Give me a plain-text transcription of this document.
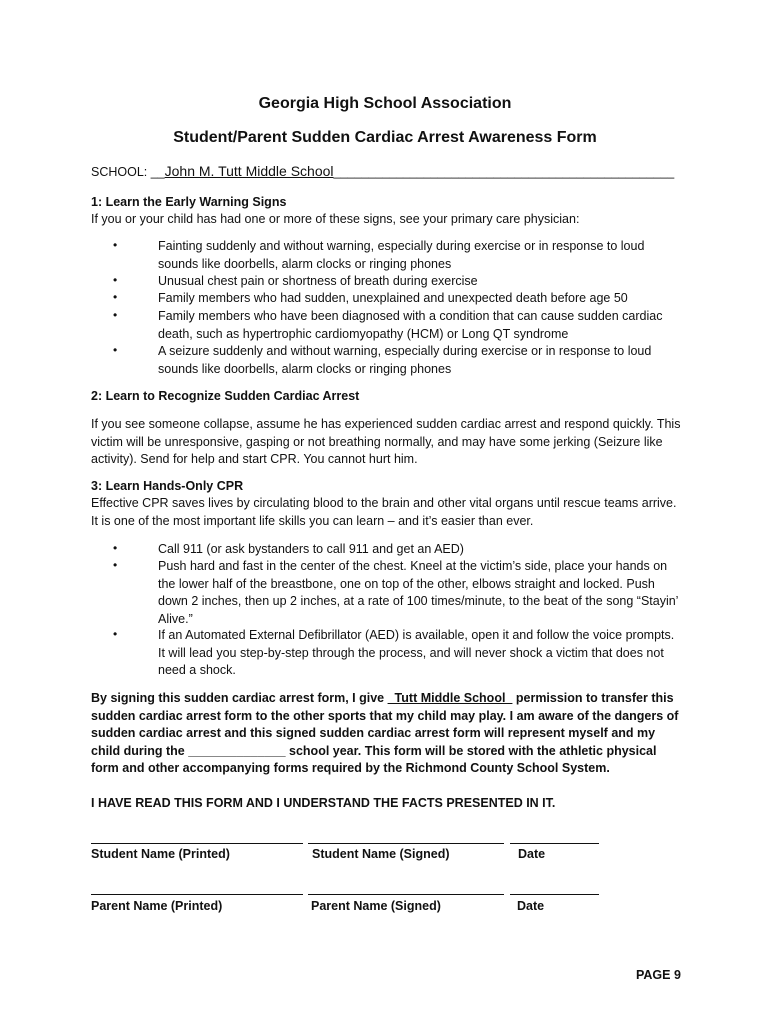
Georgia High School Association
Student/Parent Sudden Cardiac Arrest Awareness Form
SCHOOL: __John M. Tutt Middle School_________________________________________________
1: Learn the Early Warning Signs
If you or your child has had one or more of these signs, see your primary care physician:
•	Fainting suddenly and without warning, especially during exercise or in response to loud sounds like doorbells, alarm clocks or ringing phones
•	Unusual chest pain or shortness of breath during exercise
•	Family members who had sudden, unexplained and unexpected death before age 50
•	Family members who have been diagnosed with a condition that can cause sudden cardiac death, such as hypertrophic cardiomyopathy (HCM) or Long QT syndrome
•	A seizure suddenly and without warning, especially during exercise or in response to loud sounds like doorbells, alarm clocks or ringing phones
2: Learn to Recognize Sudden Cardiac Arrest
If you see someone collapse, assume he has experienced sudden cardiac arrest and respond quickly. This victim will be unresponsive, gasping or not breathing normally, and may have some jerking (Seizure like activity). Send for help and start CPR. You cannot hurt him.
3: Learn Hands-Only CPR
Effective CPR saves lives by circulating blood to the brain and other vital organs until rescue teams arrive. It is one of the most important life skills you can learn – and it’s easier than ever.
•	Call 911 (or ask bystanders to call 911 and get an AED)
•	Push hard and fast in the center of the chest. Kneel at the victim’s side, place your hands on the lower half of the breastbone, one on top of the other, elbows straight and locked. Push down 2 inches, then up 2 inches, at a rate of 100 times/minute, to the beat of the song “Stayin’ Alive.”
•	If an Automated External Defibrillator (AED) is available, open it and follow the voice prompts. It will lead you step-by-step through the process, and will never shock a victim that does not need a shock.
By signing this sudden cardiac arrest form, I give _Tutt Middle School_ permission to transfer this sudden cardiac arrest form to the other sports that my child may play. I am aware of the dangers of sudden cardiac arrest and this signed sudden cardiac arrest form will represent myself and my child during the ______________ school year. This form will be stored with the athletic physical form and other accompanying forms required by the Richmond County School System.
I HAVE READ THIS FORM AND I UNDERSTAND THE FACTS PRESENTED IN IT.
Student Name (Printed)	Student Name (Signed)	Date
Parent Name (Printed)	Parent Name (Signed)	Date
PAGE 9
